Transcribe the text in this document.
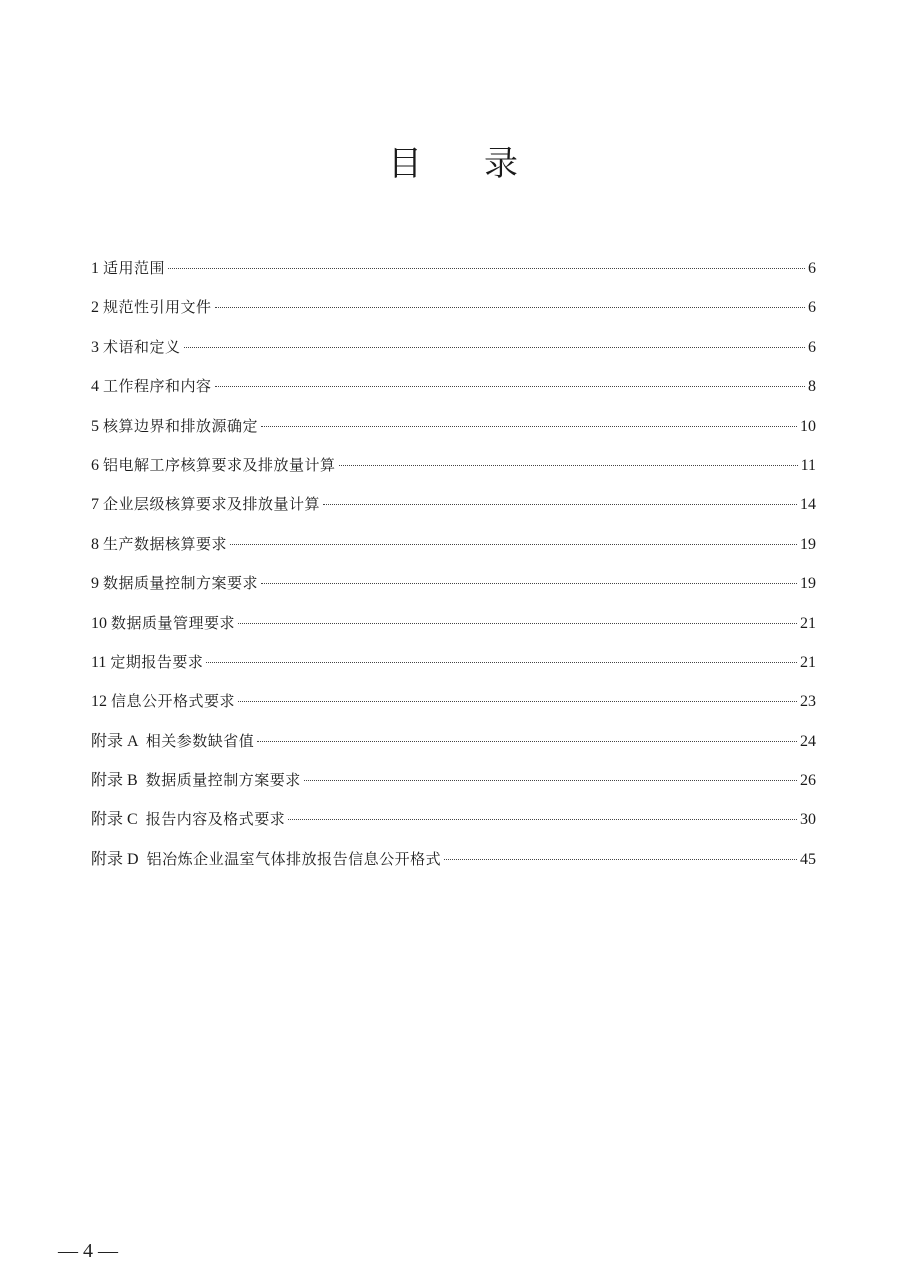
目 录
1 适用范围	6
2 规范性引用文件	6
3 术语和定义	6
4 工作程序和内容	8
5 核算边界和排放源确定	10
6 铝电解工序核算要求及排放量计算	11
7 企业层级核算要求及排放量计算	14
8 生产数据核算要求	19
9 数据质量控制方案要求	19
10 数据质量管理要求	21
11 定期报告要求	21
12 信息公开格式要求	23
附录 A 相关参数缺省值	24
附录 B 数据质量控制方案要求	26
附录 C 报告内容及格式要求	30
附录 D 铝冶炼企业温室气体排放报告信息公开格式	45
— 4 —
